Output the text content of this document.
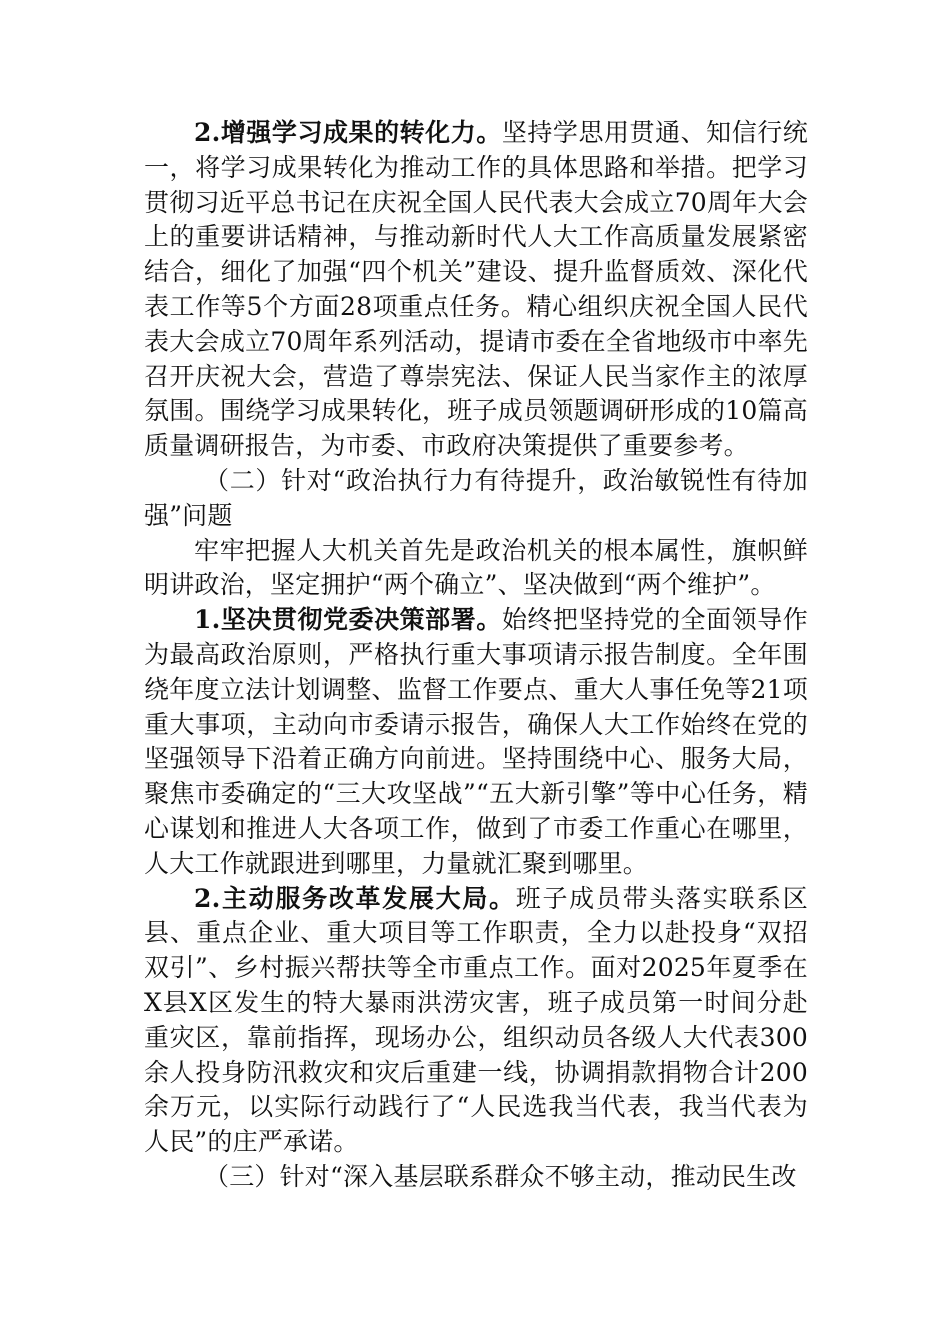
2.增强学习成果的转化力。坚持学思用贯通、知信行统一，将学习成果转化为推动工作的具体思路和举措。把学习贯彻习近平总书记在庆祝全国人民代表大会成立70周年大会上的重要讲话精神，与推动新时代人大工作高质量发展紧密结合，细化了加强“四个机关”建设、提升监督质效、深化代表工作等5个方面28项重点任务。精心组织庆祝全国人民代表大会成立70周年系列活动，提请市委在全省地级市中率先召开庆祝大会，营造了尊崇宪法、保证人民当家作主的浓厚氛围。围绕学习成果转化，班子成员领题调研形成的10篇高质量调研报告，为市委、市政府决策提供了重要参考。

（二）针对“政治执行力有待提升，政治敏锐性有待加强”问题

牢牢把握人大机关首先是政治机关的根本属性，旗帜鲜明讲政治，坚定拥护“两个确立”、坚决做到“两个维护”。

1.坚决贯彻党委决策部署。始终把坚持党的全面领导作为最高政治原则，严格执行重大事项请示报告制度。全年围绕年度立法计划调整、监督工作要点、重大人事任免等21项重大事项，主动向市委请示报告，确保人大工作始终在党的坚强领导下沿着正确方向前进。坚持围绕中心、服务大局，聚焦市委确定的“三大攻坚战”“五大新引擎”等中心任务，精心谋划和推进人大各项工作，做到了市委工作重心在哪里，人大工作就跟进到哪里，力量就汇聚到哪里。

2.主动服务改革发展大局。班子成员带头落实联系区县、重点企业、重大项目等工作职责，全力以赴投身“双招双引”、乡村振兴帮扶等全市重点工作。面对2025年夏季在X县X区发生的特大暴雨洪涝灾害，班子成员第一时间分赴重灾区，靠前指挥，现场办公，组织动员各级人大代表300余人投身防汛救灾和灾后重建一线，协调捐款捐物合计200余万元，以实际行动践行了“人民选我当代表，我当代表为人民”的庄严承诺。

（三）针对“深入基层联系群众不够主动，推动民生改
